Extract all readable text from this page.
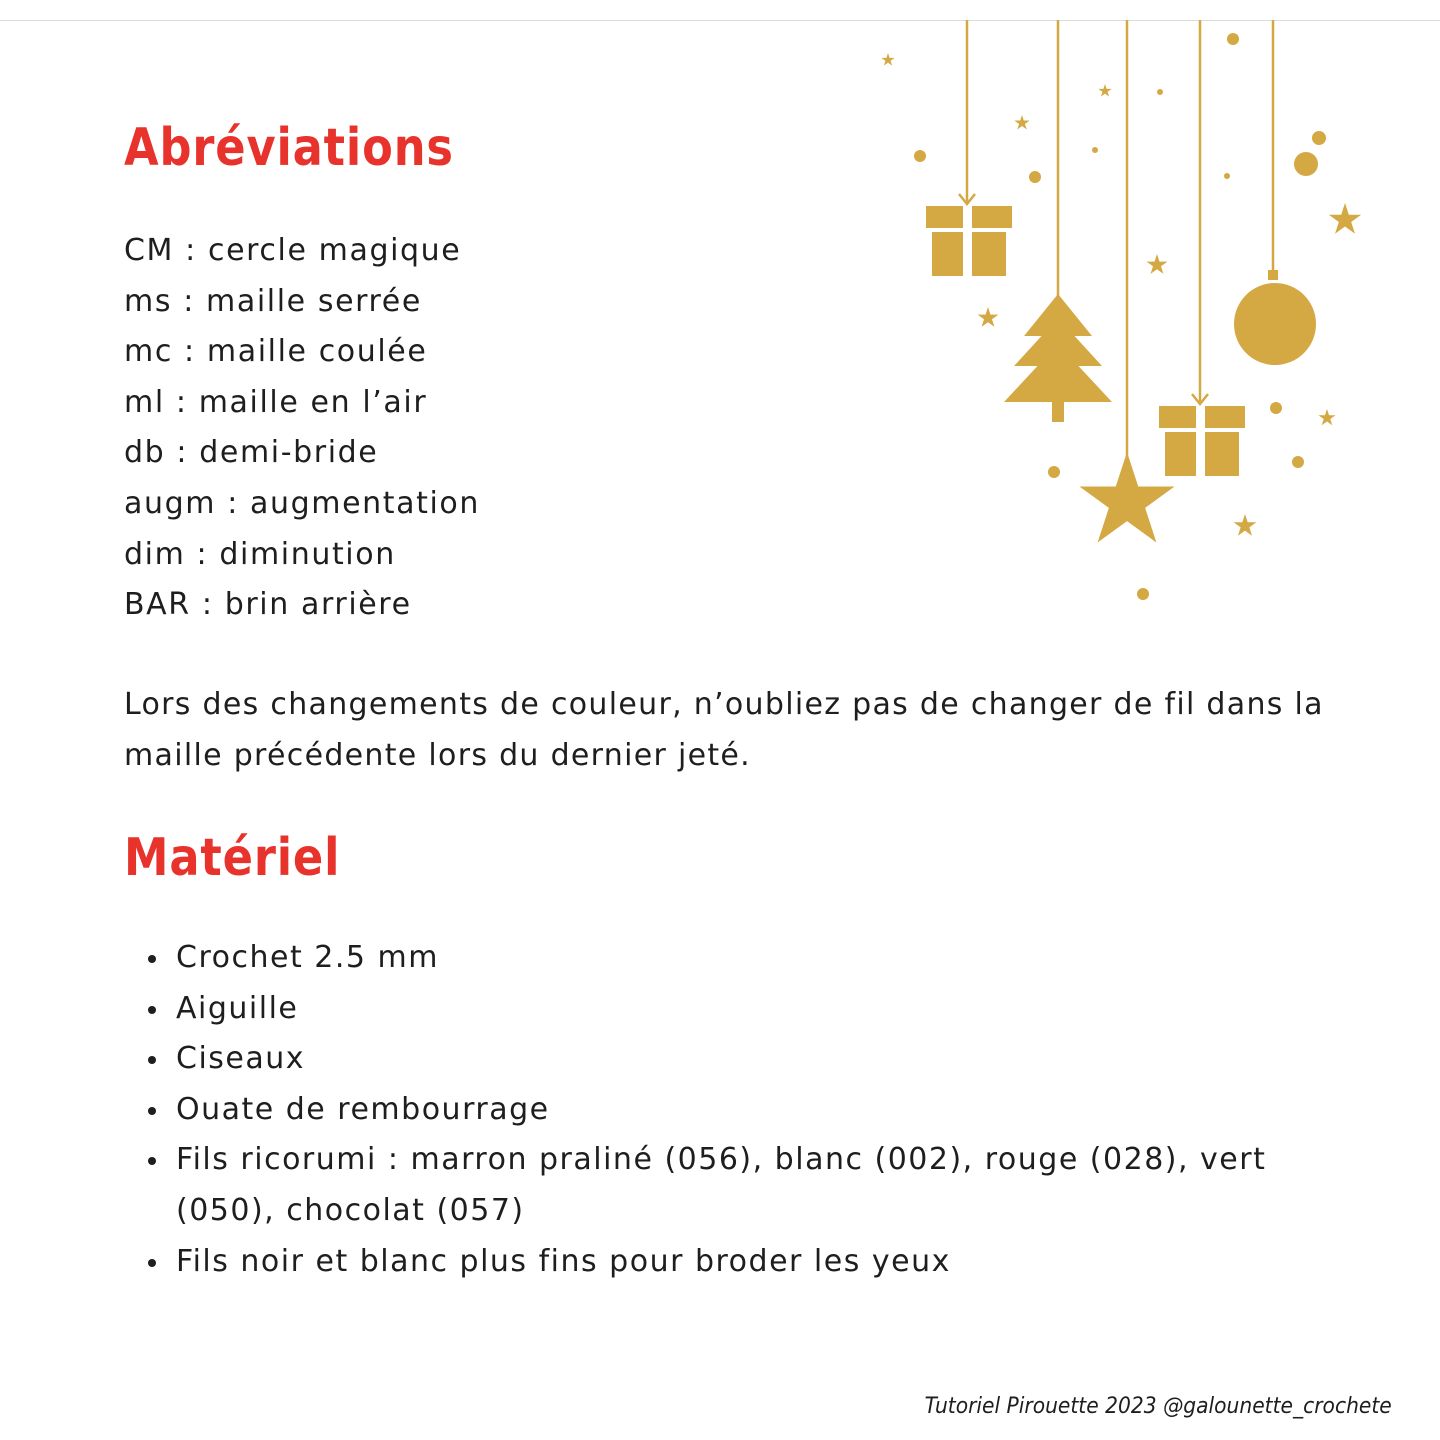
Abréviations
CM : cercle magique
ms : maille serrée
mc : maille coulée
ml : maille en l’air
db : demi-bride
augm : augmentation
dim : diminution
BAR : brin arrière

Lors des changements de couleur, n’oubliez pas de changer de fil dans la maille précédente lors du dernier jeté.

Matériel
Crochet 2.5 mm
Aiguille
Ciseaux
Ouate de rembourrage
Fils ricorumi : marron praliné (056), blanc (002), rouge (028), vert (050), chocolat (057)
Fils noir et blanc plus fins pour broder les yeux

Tutoriel Pirouette 2023 @galounette_crochete
